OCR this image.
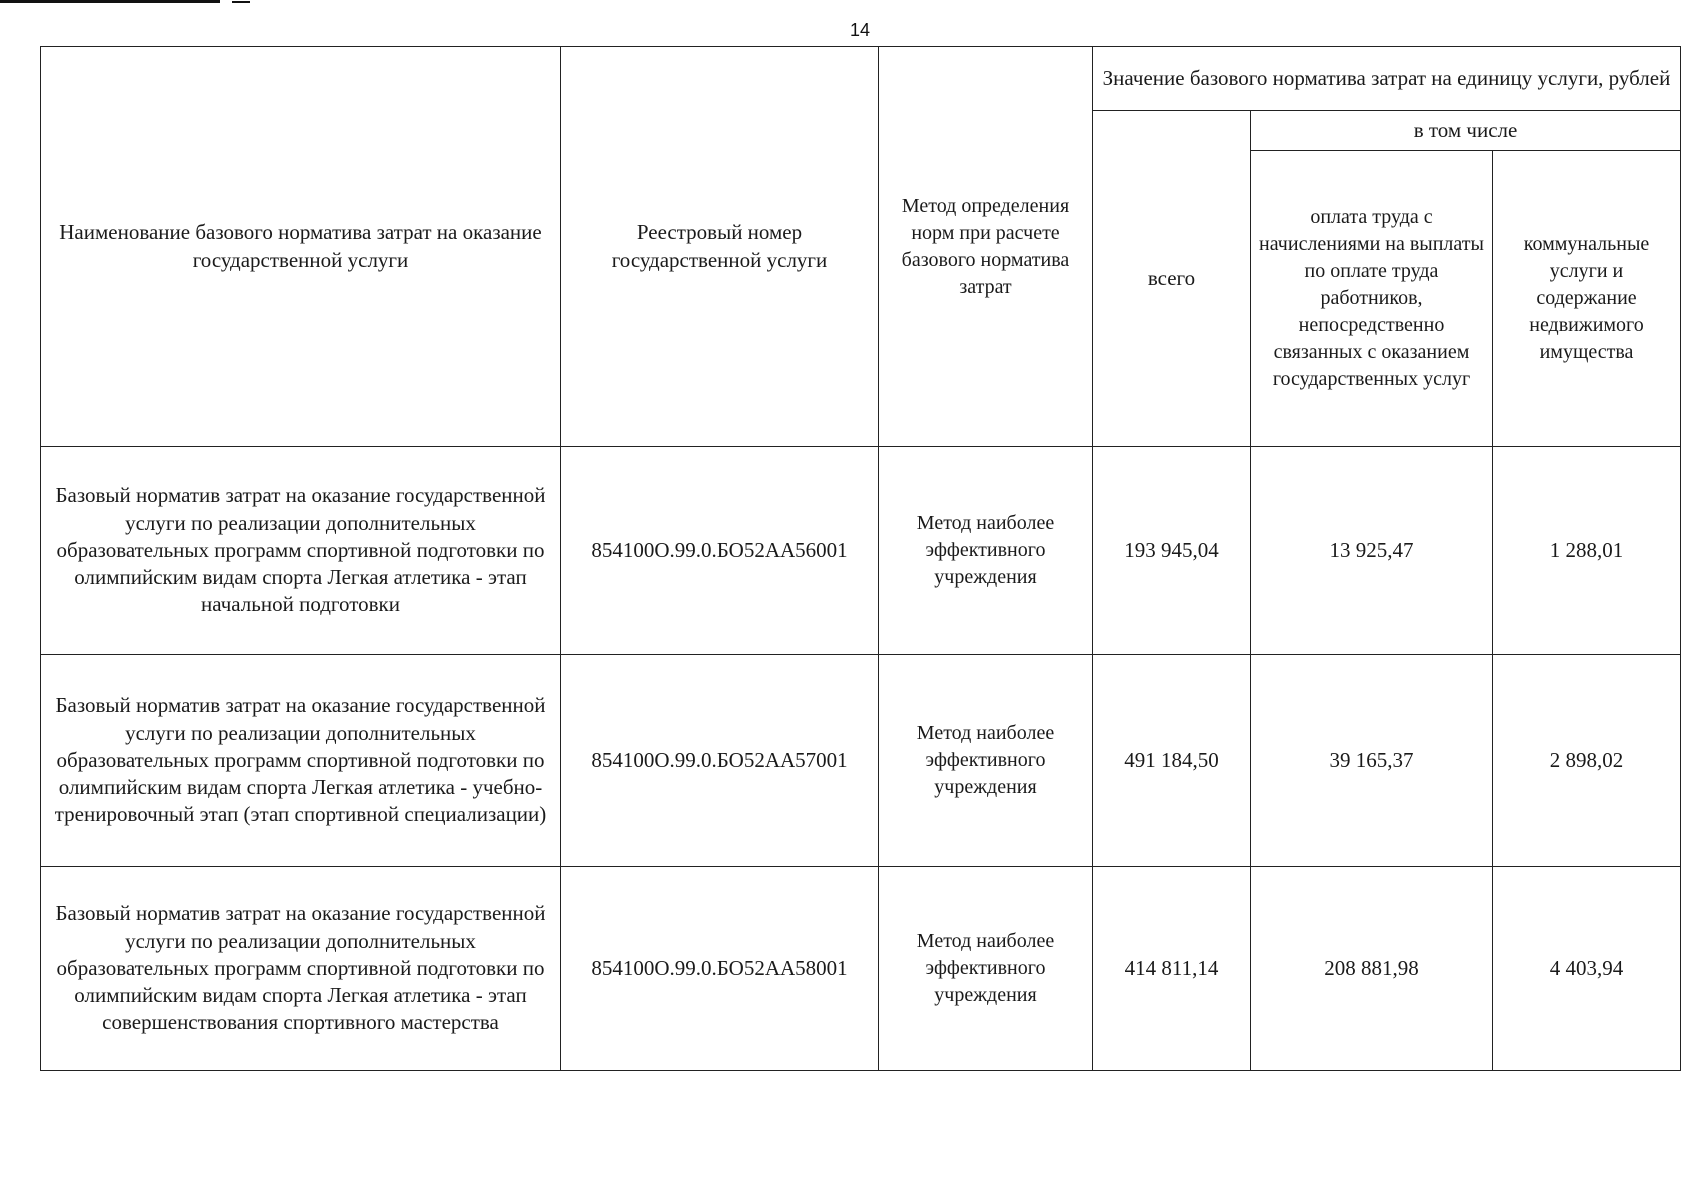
14
Наименование базового норматива затрат на оказание государственной услуги	Реестровый номер государственной услуги	Метод определения норм при расчете базового норматива затрат	Значение базового норматива затрат на единицу услуги, рублей		
			всего	в том числе	
				оплата труда с начислениями на выплаты по оплате труда работников, непосредственно связанных с оказанием государственных услуг	коммунальные услуги и содержание недвижимого имущества
Базовый норматив затрат на оказание государственной услуги по реализации дополнительных образовательных программ спортивной подготовки по олимпийским видам спорта Легкая атлетика - этап начальной подготовки	854100О.99.0.БО52АА56001	Метод наиболее эффективного учреждения	193 945,04	13 925,47	1 288,01
Базовый норматив затрат на оказание государственной услуги по реализации дополнительных образовательных программ спортивной подготовки по олимпийским видам спорта Легкая атлетика - учебно-тренировочный этап (этап спортивной специализации)	854100О.99.0.БО52АА57001	Метод наиболее эффективного учреждения	491 184,50	39 165,37	2 898,02
Базовый норматив затрат на оказание государственной услуги по реализации дополнительных образовательных программ спортивной подготовки по олимпийским видам спорта Легкая атлетика - этап совершенствования спортивного мастерства	854100О.99.0.БО52АА58001	Метод наиболее эффективного учреждения	414 811,14	208 881,98	4 403,94
